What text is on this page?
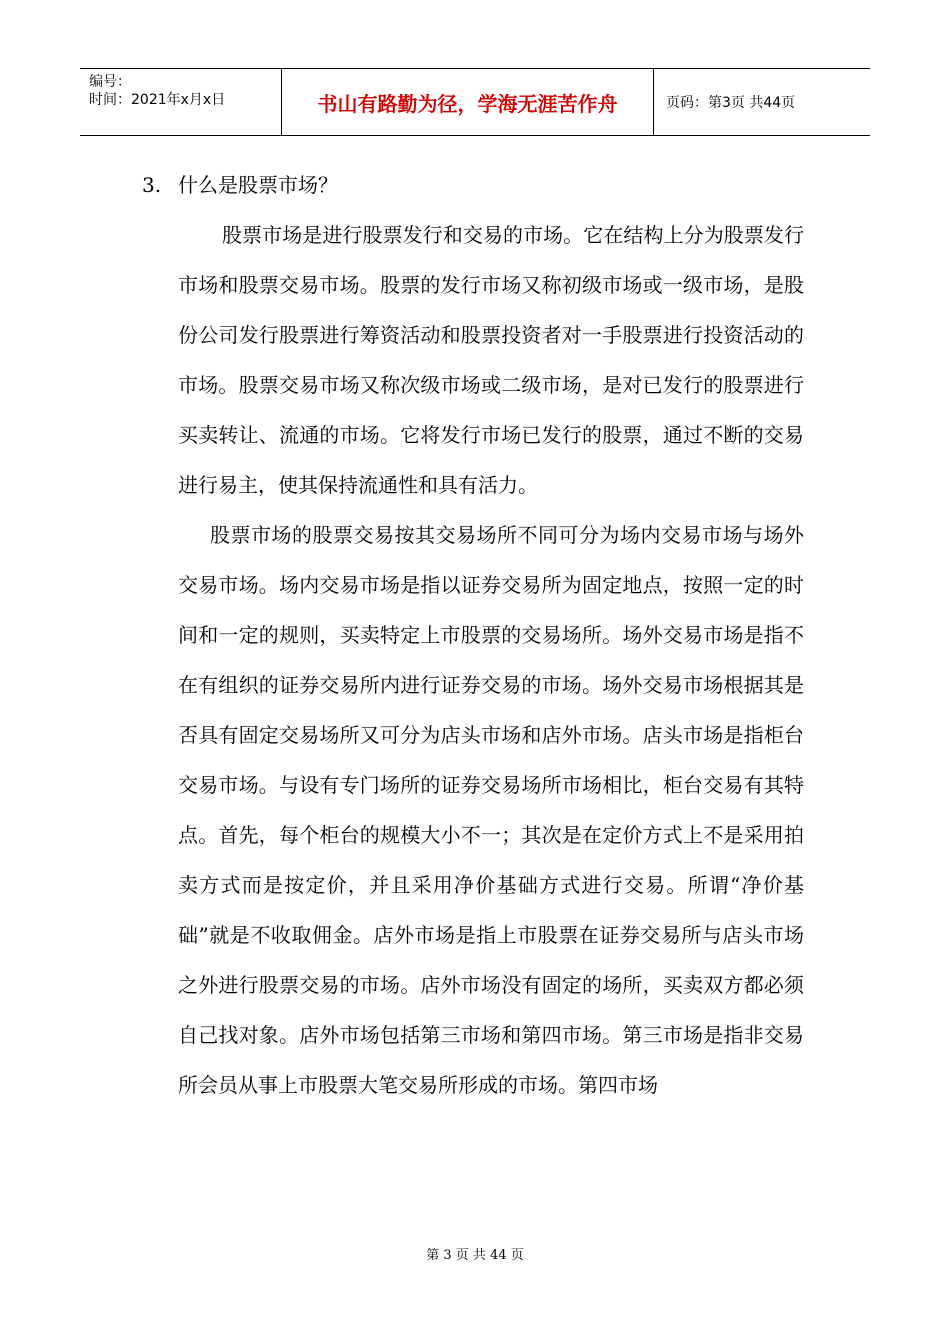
编号：
时间：2021年x月x日	书山有路勤为径，学海无涯苦作舟	页码：第3页 共44页
3. 什么是股票市场？

股票市场是进行股票发行和交易的市场。它在结构上分为股票发行市场和股票交易市场。股票的发行市场又称初级市场或一级市场，是股份公司发行股票进行筹资活动和股票投资者对一手股票进行投资活动的市场。股票交易市场又称次级市场或二级市场，是对已发行的股票进行买卖转让、流通的市场。它将发行市场已发行的股票，通过不断的交易进行易主，使其保持流通性和具有活力。

股票市场的股票交易按其交易场所不同可分为场内交易市场与场外交易市场。场内交易市场是指以证券交易所为固定地点，按照一定的时间和一定的规则，买卖特定上市股票的交易场所。场外交易市场是指不在有组织的证券交易所内进行证券交易的市场。场外交易市场根据其是否具有固定交易场所又可分为店头市场和店外市场。店头市场是指柜台交易市场。与设有专门场所的证券交易场所市场相比，柜台交易有其特点。首先，每个柜台的规模大小不一；其次是在定价方式上不是采用拍卖方式而是按定价，并且采用净价基础方式进行交易。所谓“净价基础”就是不收取佣金。店外市场是指上市股票在证券交易所与店头市场之外进行股票交易的市场。店外市场没有固定的场所，买卖双方都必须自己找对象。店外市场包括第三市场和第四市场。第三市场是指非交易所会员从事上市股票大笔交易所形成的市场。第四市场

第 3 页 共 44 页
